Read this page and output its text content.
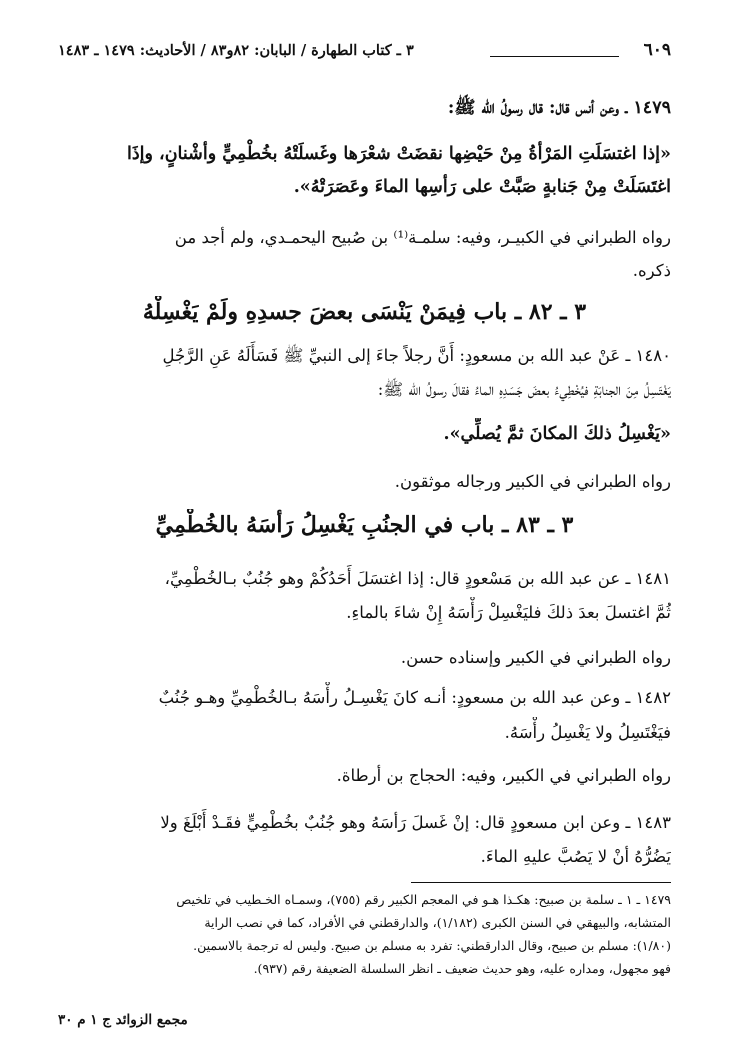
٦٠٩
٣ ـ كتاب الطهارة / البابان: ٨٢و٨٣ / الأحاديث: ١٤٧٩ ـ ١٤٨٣
١٤٧٩ ـ وعن أنس قال: قال رسولُ الله ﷺ:
«إذا اغتسَلَتِ المَرْأةُ مِنْ حَيْضِها نقضَتْ شعْرَها وغَسلَتْهُ بخُطْمِيٍّ وأشْنانٍ، وإذَا
اغتَسَلَتْ مِنْ جَنابةٍ صَبَّتْ على رَأسِها الماءَ وعَصَرَتْهُ».
رواه الطبراني في الكبيـر، وفيه: سلمـة⁽¹⁾ بن صُبيح اليحمـدي، ولم أجد من
ذكره.
٣ ـ ٨٢ ـ باب فِيمَنْ يَنْسَى بعضَ جسدِهِ ولَمْ يَغْسِلْهُ
١٤٨٠ ـ عَنْ عبد الله بن مسعودٍ: أَنَّ رجلاً جاءَ إلى النبيِّ ﷺ فَسَأَلَهُ عَنِ الرَّجُلِ
يَغْتَسِلُ مِنَ الجنابَةِ فيُخْطِيءُ بعضَ جَسَدِهِ الماءُ فقالَ رسولُ الله ﷺ:
«يَغْسِلُ ذلكَ المكانَ ثمَّ يُصلِّي».
رواه الطبراني في الكبير ورجاله موثقون.
٣ ـ ٨٣ ـ باب في الجنُبِ يَغْسِلُ رَأسَهُ بالخُطْمِيِّ
١٤٨١ ـ عن عبد الله بن مَسْعودٍ قال: إذا اغتسَلَ أَحَدُكُمْ وهو جُنُبٌ بـالخُطْمِيِّ،
ثُمَّ اغتسلَ بعدَ ذلكَ فليَغْسِلْ رَأْسَهُ إِنْ شاءَ بالماءِ.
رواه الطبراني في الكبير وإسناده حسن.
١٤٨٢ ـ وعن عبد الله بن مسعودٍ: أنـه كانَ يَغْسِـلُ رأْسَهُ بـالخُطْمِيِّ وهـو جُنُبٌ
فيَغْتَسِلُ ولا يَغْسِلُ رأْسَهُ.
رواه الطبراني في الكبير، وفيه: الحجاج بن أرطاة.
١٤٨٣ ـ وعن ابن مسعودٍ قال: إنْ غَسلَ رَأسَهُ وهو جُنُبٌ بخُطْمِيٍّ فقَـدْ أَبْلَغَ ولا
يَضُرُّهُ أنْ لا يَصُبَّ عليهِ الماءَ.
١٤٧٩ ـ ١ ـ سلمة بن صبيح: هكـذا هـو في المعجم الكبير رقم (٧٥٥)، وسمـاه الخـطيب في تلخيص
المتشابه، والبيهقي في السنن الكبرى (١/١٨٢)، والدارقطني في الأفراد، كما في نصب الراية
(١/٨٠): مسلم بن صبيح، وقال الدارقطني: تفرد به مسلم بن صبيح. وليس له ترجمة بالاسمين.
فهو مجهول، ومداره عليه، وهو حديث ضعيف ـ انظر السلسلة الضعيفة رقم (٩٣٧).
مجمع الزوائد ج ١ م ٣٠
